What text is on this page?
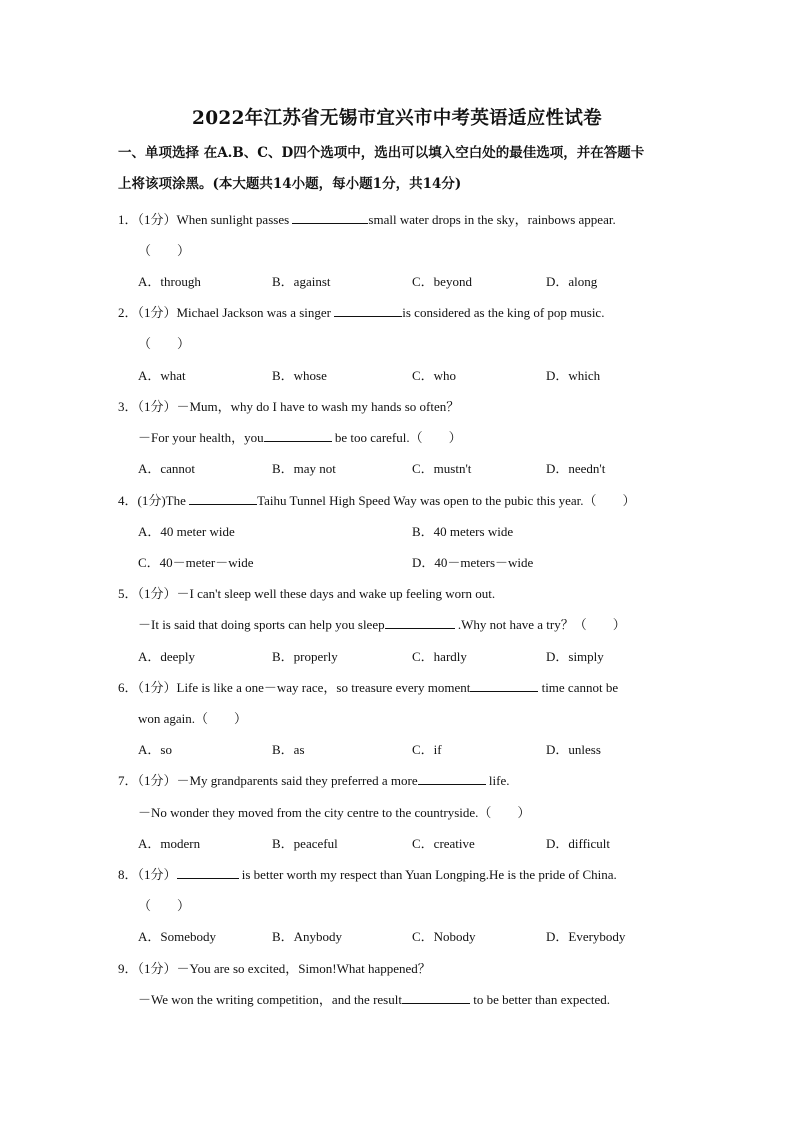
2022年江苏省无锡市宜兴市中考英语适应性试卷
一、单项选择 在A.B、C、D四个选项中，选出可以填入空白处的最佳选项，并在答题卡
上将该项涂黑。(本大题共14小题，每小题1分，共14分)
1．（1分）When sunlight passes	small water drops in the sky，rainbows appear.
（　　）
A．through	B．against	C．beyond	D．along
2．（1分）Michael Jackson was a singer	is considered as the king of pop music.
（　　）
A．what	B．whose	C．who	D．which
3．（1分）－Mum，why do I have to wash my hands so often？
－For your health，you	be too careful.（　　）
A．cannot	B．may not	C．mustn't	D．needn't
4．(1分)The	Taihu Tunnel High Speed Way was open to the pubic this year.（　　）
A．40 meter wide	B．40 meters wide
C．40－meter－wide	D．40－meters－wide
5．（1分）－I can't sleep well these days and wake up feeling worn out.
－It is said that doing sports can help you sleep	.Why not have a try？（　　）
A．deeply	B．properly	C．hardly	D．simply
6．（1分）Life is like a one－way race，so treasure every moment	time cannot be
won again.（　　）
A．so	B．as	C．if	D．unless
7．（1分）－My grandparents said they preferred a more	life.
－No wonder they moved from the city centre to the countryside.（　　）
A．modern	B．peaceful	C．creative	D．difficult
8．（1分）	is better worth my respect than Yuan Longping.He is the pride of China.
（　　）
A．Somebody	B．Anybody	C．Nobody	D．Everybody
9．（1分）－You are so excited，Simon!What happened？
－We won the writing competition，and the result	to be better than expected.
